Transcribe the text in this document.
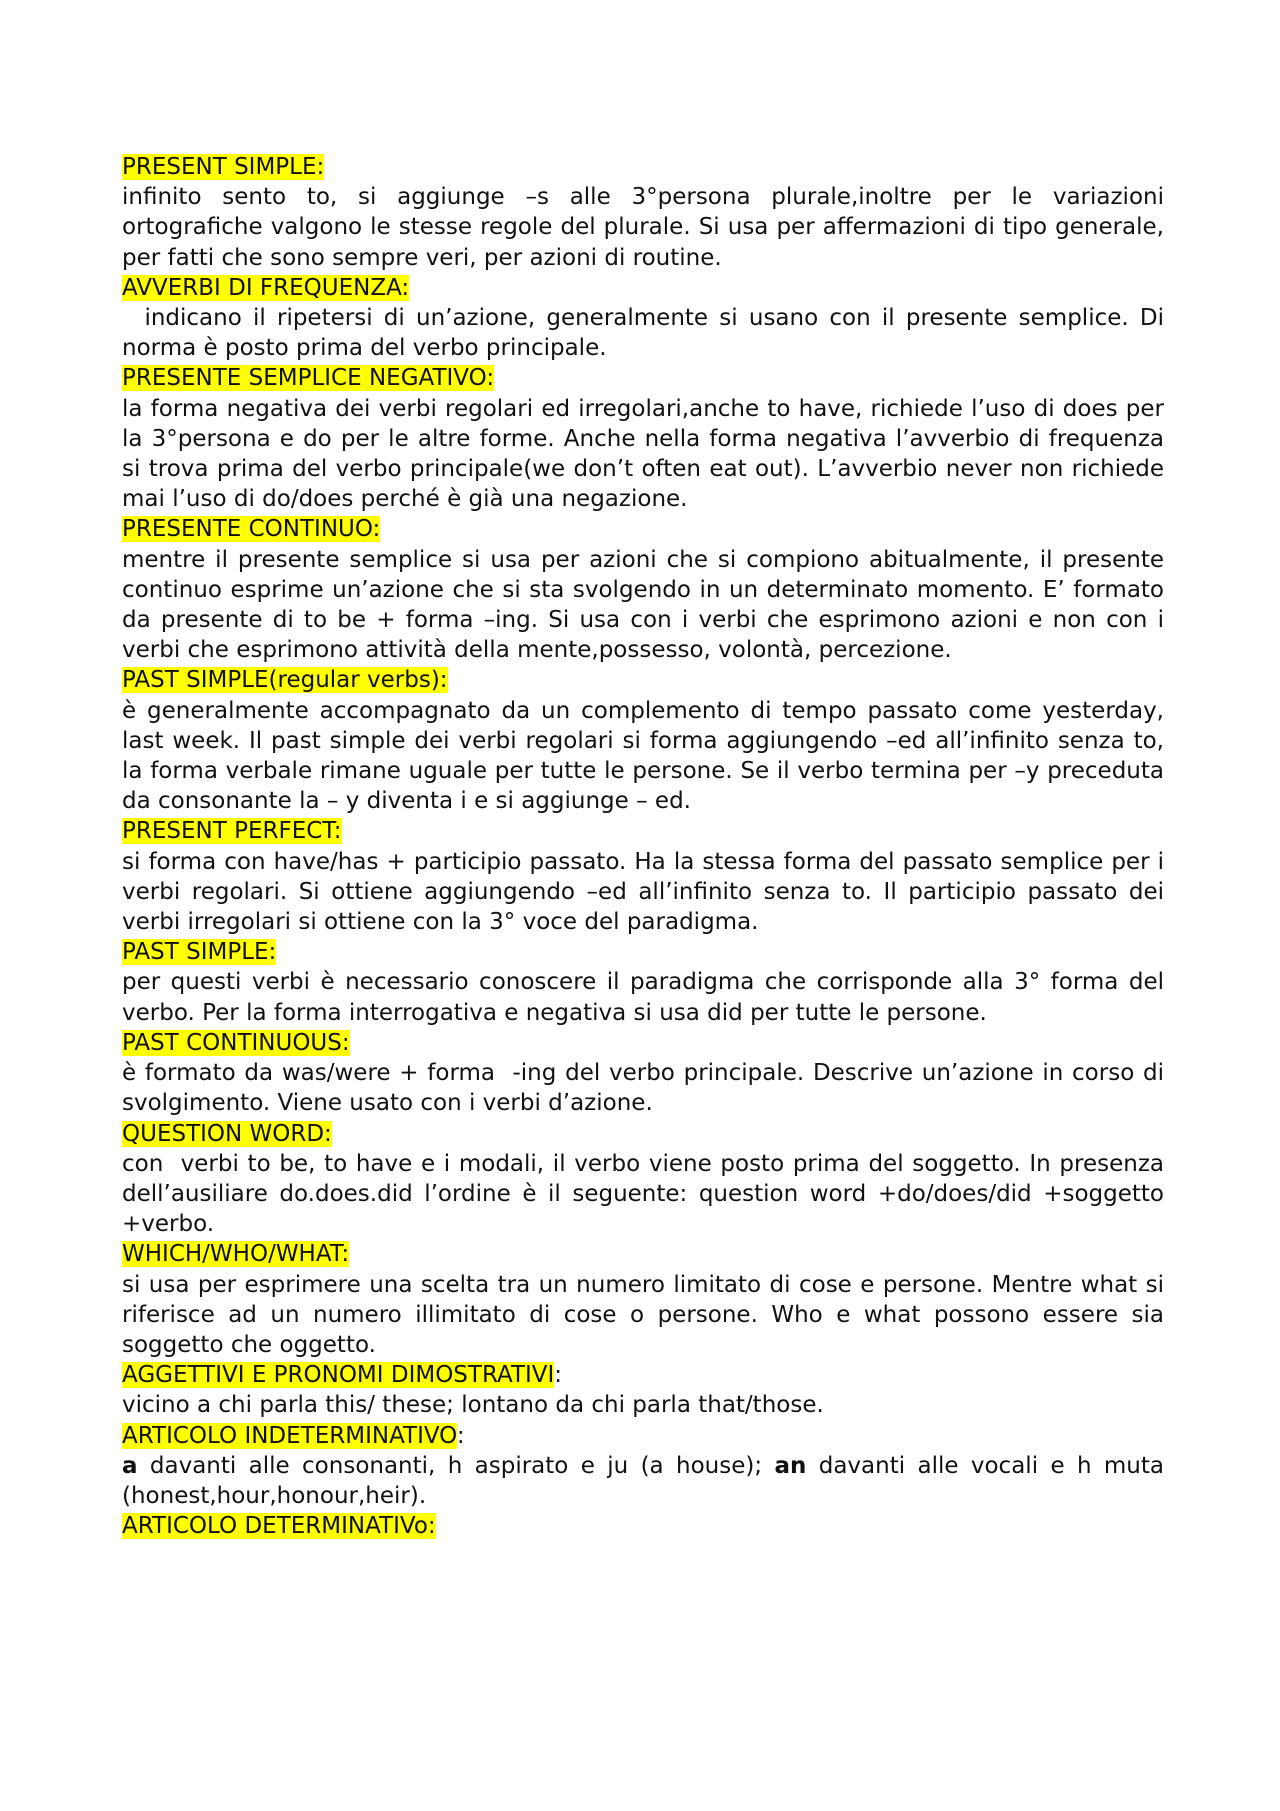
PRESENT SIMPLE:

infinito sento to, si aggiunge –s alle 3°persona plurale,inoltre per le variazioni ortografiche valgono le stesse regole del plurale. Si usa per affermazioni di tipo generale, per fatti che sono sempre veri, per azioni di routine.

AVVERBI DI FREQUENZA:

indicano il ripetersi di un’azione, generalmente si usano con il presente semplice. Di norma è posto prima del verbo principale.

PRESENTE SEMPLICE NEGATIVO:

la forma negativa dei verbi regolari ed irregolari,anche to have, richiede l’uso di does per la 3°persona e do per le altre forme. Anche nella forma negativa l’avverbio di frequenza si trova prima del verbo principale(we don’t often eat out). L’avverbio never non richiede mai l’uso di do/does perché è già una negazione.

PRESENTE CONTINUO:

mentre il presente semplice si usa per azioni che si compiono abitualmente, il presente continuo esprime un’azione che si sta svolgendo in un determinato momento. E’ formato da presente di to be + forma –ing. Si usa con i verbi che esprimono azioni e non con i verbi che esprimono attività della mente,possesso, volontà, percezione.

PAST SIMPLE(regular verbs):

è generalmente accompagnato da un complemento di tempo passato come yesterday, last week. Il past simple dei verbi regolari si forma aggiungendo –ed all’infinito senza to, la forma verbale rimane uguale per tutte le persone. Se il verbo termina per –y preceduta da consonante la – y diventa i e si aggiunge – ed.

PRESENT PERFECT:

si forma con have/has + participio passato. Ha la stessa forma del passato semplice per i verbi regolari. Si ottiene aggiungendo –ed all’infinito senza to. Il participio passato dei verbi irregolari si ottiene con la 3° voce del paradigma.

PAST SIMPLE:

per questi verbi è necessario conoscere il paradigma che corrisponde alla 3° forma del verbo. Per la forma interrogativa e negativa si usa did per tutte le persone.

PAST CONTINUOUS:

è formato da was/were + forma  -ing del verbo principale. Descrive un’azione in corso di svolgimento. Viene usato con i verbi d’azione.

QUESTION WORD:

con  verbi to be, to have e i modali, il verbo viene posto prima del soggetto. In presenza dell’ausiliare do.does.did l’ordine è il seguente: question word +do/does/did +soggetto +verbo.

WHICH/WHO/WHAT:

si usa per esprimere una scelta tra un numero limitato di cose e persone. Mentre what si riferisce ad un numero illimitato di cose o persone. Who e what possono essere sia soggetto che oggetto.

AGGETTIVI E PRONOMI DIMOSTRATIVI:

vicino a chi parla this/ these; lontano da chi parla that/those.

ARTICOLO INDETERMINATIVO:

a davanti alle consonanti, h aspirato e ju (a house); an davanti alle vocali e h muta (honest,hour,honour,heir).

ARTICOLO DETERMINATIVo:
